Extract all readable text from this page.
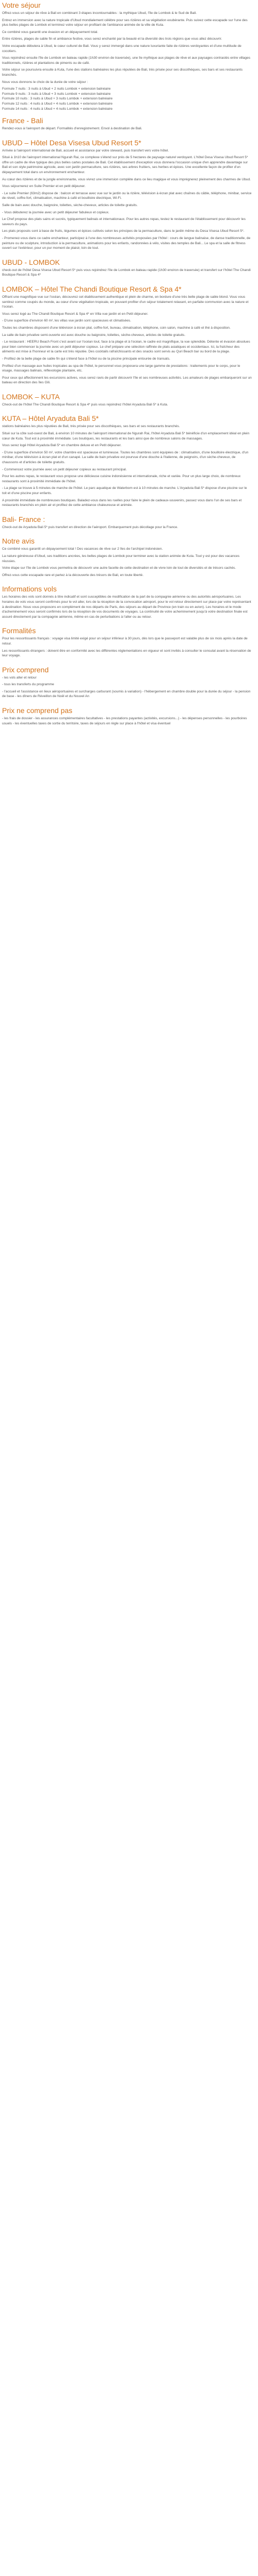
Votre séjour

Offrez-vous un séjour de rêve à Bali en combinant 3 étapes incontournables : la mythique Ubud, l'île de Lombok & le Sud de Bali.

Entrez en immersion avec la nature tropicale d'Ubud mondialement célèbre pour ses rizières et sa végétation exubérante. Puis suivez cette escapade sur l'une des plus belles plages de Lombok et terminez votre séjour en profitant de l'ambiance animée de la ville de Kuta.

Ce combiné vous garantit une évasion et un dépaysement total.

Entre rizières, plages de sable fin et ambiance festive, vous serez enchanté par la beauté et la diversité des trois régions que vous allez découvrir.

Votre escapade débutera à Ubud, le cœur culturel de Bali. Vous y serez immergé dans une nature luxuriante faite de rizières verdoyantes et d'une multitude de cocotiers.

Vous rejoindrez ensuite l'île de Lombok en bateau rapide (1h30 environ de traversée), une île mythique aux plages de rêve et aux paysages contrastés entre villages traditionnels, rizières et plantations de piments ou de café.

Votre séjour se poursuivra ensuite à Kuta, l'une des stations balnéaires les plus réputées de Bali, très prisée pour ses discothèques, ses bars et ses restaurants branchés.

Nous vous donnons le choix de la durée de votre séjour :

Formule 7 nuits : 3 nuits à Ubud + 2 nuits Lombok + extension balnéaire
Formule 9 nuits : 3 nuits à Ubud + 3 nuits Lombok + extension balnéaire
Formule 10 nuits : 3 nuits à Ubud + 3 nuits Lombok + extension balnéaire
Formule 12 nuits : 4 nuits à Ubud + 4 nuits Lombok + extension balnéaire
Formule 14 nuits : 4 nuits à Ubud + 4 nuits Lombok + extension balnéaire
France - Bali

Rendez-vous à l'aéroport de départ. Formalités d'enregistrement. Envol à destination de Bali.

UBUD – Hôtel Desa Visesa Ubud Resort 5*

Arrivée à l'aéroport international de Bali, accueil et assistance par votre steward, puis transfert vers votre hôtel.

Situé à 1h10 de l'aéroport international Ngurah Rai, ce complexe s'étend sur près de 5 hectares de paysage naturel verdoyant. L'hôtel Desa Visesa Ubud Resort 5* offre un cadre de rêve typique des plus belles cartes postales de Bali. Cet établissement d'exception vous donnera l'occasion unique d'en apprendre davantage sur Bali et son style patrimoine agricole, avec son jardin permaculture, ses rizières, ses arbres fruitiers, ses herbes et épices. Une excellente façon de profiter d'un dépaysement total dans un environnement enchanteur.

Au cœur des rizières et de la jungle environnante, vous vivrez une immersion complète dans ce lieu magique et vous imprégnerez pleinement des charmes de Ubud.

Vous séjournerez en Suite Premier et en petit déjeuner.

- Le suite Premier (63m2) dispose de : balcon et terrasse avec vue sur le jardin ou la rizière, télévision à écran plat avec chaînes du câble, téléphone, minibar, service de réveil, coffre-fort, climatisation, machine à café et bouilloire électrique, Wi-Fi.

Salle de bain avec douche, baignoire, toilettes, sèche-cheveux, articles de toilette gratuits.

- Vous débuterez la journée avec un petit déjeuner fabuleux et copieux.

Le Chef propose des plats sains et sucrés, typiquement balinais et internationaux. Pour les autres repas, testez le restaurant de l'établissement pour découvrir les saveurs du pays.

Les plats proposés sont à base de fruits, légumes et épices cultivés selon les principes de la permaculture, dans le jardin même du Desa Visesa Ubud Resort 5*.

- Promenez-vous dans ce cadre enchanteur, participez à l'une des nombreuses activités proposées par l'hôtel : cours de langue balinaise, de danse traditionnelle, de peinture ou de sculpture, introduction à la permaculture, animations pour les enfants, randonnées à vélo, visites des temples de Bali... Le spa et la salle de fitness ouvert sur l'extérieur, pour un pur moment de plaisir, loin de tout.

UBUD - LOMBOK

check-out de l'hôtel Desa Visesa Ubud Resort 5* puis vous rejoindrez l'île de Lombok en bateau rapide (1h30 environ de traversée) et transfert sur l'hôtel The Chandi Boutique Resort & Spa 4*

LOMBOK – Hôtel The Chandi Boutique Resort & Spa 4*

Offrant une magnifique vue sur l'océan, découvrez cet établissement authentique et plein de charme, en bordure d'une très belle plage de sable blond. Vous vous sentirez comme coupés du monde, au cœur d'une végétation tropicale, en pouvant profiter d'un séjour totalement relaxant, en parfaite communion avec la nature et l'océan.

Vous serez logé au The Chandi Boutique Resort & Spa 4* en Villa vue jardin et en Petit déjeuner.

- D'une superficie d'environ 60 m², les villas vue jardin sont spacieuses et climatisées.

Toutes les chambres disposent d'une télévision à écran plat, coffre-fort, bureau, climatisation, téléphone, coin salon, machine à café et thé à disposition.

La salle de bain privative semi-ouverte est avec douche ou baignoire, toilettes, sèche-cheveux, articles de toilette gratuits.

- Le restaurant : HEERU Beach Front c'est avant sur l'océan tout, face à la plage et à l'océan, le cadre est magnifique, la vue splendide. Détente et évasion absolues pour bien commencer la journée avec un petit déjeuner copieux. Le chef prépare une sélection raffinée de plats asiatiques et occidentaux. Ici, la fraîcheur des aliments est mise à l'honneur et la carte est très réputée. Des cocktails rafraîchissants et des snacks sont servis au Quri Beach bar ou bord de la plage.

- Profitez de la belle plage de sable fin qui s'étend face à l'hôtel ou de la piscine principale entourée de transats.

Profitez d'un massage aux huiles tropicales au spa de l'hôtel, le personnel vous proposera une large gamme de prestations : traitements pour le corps, pour le visage, massages balinais, réflexologie plantaire, etc.

Pour ceux qui affectionnent les excursions actives, vous serez ravis de partir découvrir l'île et ses nombreuses activités. Les amateurs de plages embarqueront sur un bateau en direction des îles Gili.

LOMBOK – KUTA

Check-out de l'hôtel The Chandi Boutique Resort & Spa 4* puis vous rejoindrez l'hôtel Aryaduta Bali 5* à Kuta.

KUTA – Hôtel Aryaduta Bali 5*

stations balnéaires les plus réputées de Bali, très prisée pour ses discothèques, ses bars et ses restaurants branchés.

Situé sur la côte sud-ouest de Bali, à environ 10 minutes de l'aéroport international de Ngurah Rai, l'hôtel Aryaduta Bali 5* bénéficie d'un emplacement idéal en plein cœur de Kuta. Tout est à proximité immédiate. Les boutiques, les restaurants et les bars ainsi que de nombreux salons de massages.

Vous serez logé Hôtel Aryaduta Bali 5* en chambre deluxe et en Petit déjeuner.

- D'une superficie d'environ 50 m², votre chambre est spacieuse et lumineuse. Toutes les chambres sont équipées de : climatisation, d'une bouilloire électrique, d'un minibar, d'une télévision à écran plat et d'un canapé. La salle de bain privative est pourvue d'une douche à l'italienne, de peignoirs, d'un sèche-cheveux, de chaussons et d'articles de toilette gratuits.

- Commencez votre journée avec un petit déjeuner copieux au restaurant principal.

Pour les autres repas, le restaurant vous propose une délicieuse cuisine indonésienne et internationale, riche et variée. Pour un plus large choix, de nombreux restaurants sont à proximité immédiate de l'hôtel.

- La plage se trouve à 5 minutes de marche de l'hôtel. Le parc aquatique de Waterbom est à 10 minutes de marche. L'Aryaduta Bali 5* dispose d'une piscine sur le toit et d'une piscine pour enfants.

A proximité immédiate de nombreuses boutiques. Baladez-vous dans les ruelles pour faire le plein de cadeaux-souvenirs, passez vous dans l'un de ses bars et restaurants branchés en plein air et profitez de cette ambiance chaleureuse et animée.

Bali- France :

Check-out de Aryaduta Bali 5* puis transfert en direction de l'aéroport. Embarquement puis décollage pour la France.

Notre avis

Ce combiné vous garantit un dépaysement total ! Des vacances de rêve sur 2 îles de l'archipel indonésien.

La nature généreuse d'Ubud, ses traditions ancrées, les belles plages de Lombok pour terminer avec la station animée de Kuta. Tout y est pour des vacances réussies.

Votre étape sur l'île de Lombok vous permettra de découvrir une autre facette de cette destination et de vivre loin de tout de diversités et de trésors cachés.

Offrez-vous cette escapade rare et partez à la découverte des trésors de Bali, en toute liberté.

Informations vols

Les horaires des vols sont donnés à titre indicatif et sont susceptibles de modification de la part de la compagnie aérienne ou des autorités aéroportuaires. Les horaires de vols vous seront confirmés pour le vol aller, lors de la réception de la convocation aéroport, pour le vol retour directement sur place par votre représentant à destination. Nous vous proposons en complément de nos départs de Paris, des séjours au départ de Province (en train ou en avion). Les horaires et le mode d'acheminement vous seront confirmés lors de la réception de vos documents de voyages. La continuité de votre acheminement jusqu'à votre destination finale est assuré directement par la compagnie aérienne, même en cas de perturbations à l'aller ou au retour.

Formalités

Pour les ressortissants français : voyage visa limité exigé pour un séjour inférieur à 30 jours, dès lors que le passeport est valable plus de six mois après la date de retour.

Les ressortissants étrangers : doivent être en conformité avec les différentes réglementations en vigueur et sont invités à consulter le consulat avant la réservation de leur voyage.

Prix comprend

- les vols aller et retour

- tous les transferts du programme

- l'accueil et l'assistance en lieux aéroportuaires et surcharges carburant (soumis à variation) - l'hébergement en chambre double pour la durée du séjour - la pension de base - les dîners de Réveillon de Noël et du Nouvel An

Prix ne comprend pas

- les frais de dossier - les assurances complémentaires facultatives - les prestations payantes (activités, excursions...) - les dépenses personnelles - les pourboires usuels - les éventuelles taxes de sortie du territoire, taxes de séjours en règle sur place à l'hôtel et visa éventuel
